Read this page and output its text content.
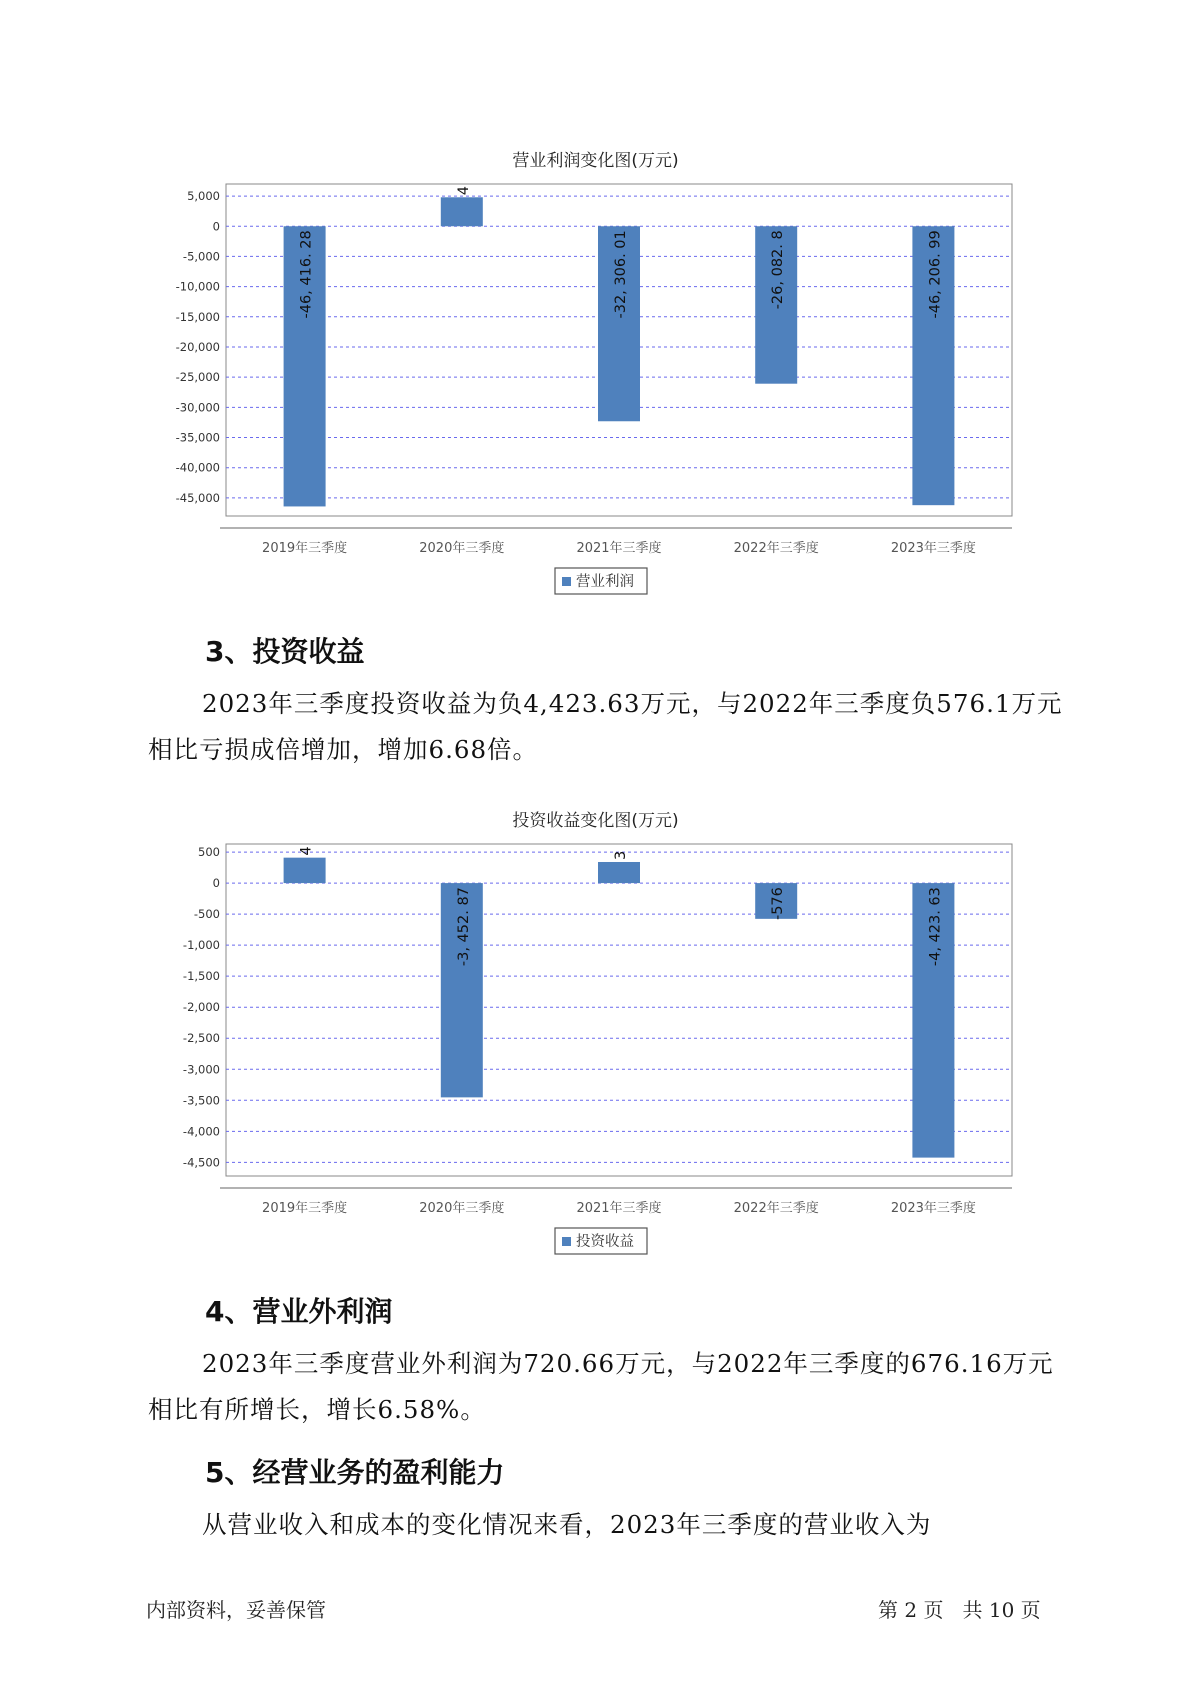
营业利润变化图(万元)
5,000
0
-5,000
-10,000
-15,000
-20,000
-25,000
-30,000
-35,000
-40,000
-45,000
-46, 416. 28
2019年三季度
4
2020年三季度
-32, 306. 01
2021年三季度
-26, 082. 8
2022年三季度
-46, 206. 99
2023年三季度
营业利润
3、投资收益

2023年三季度投资收益为负4,423.63万元，与2022年三季度负576.1万元相比亏损成倍增加，增加6.68倍。

投资收益变化图(万元)
500
0
-500
-1,000
-1,500
-2,000
-2,500
-3,000
-3,500
-4,000
-4,500
4
2019年三季度
-3, 452. 87
2020年三季度
3
2021年三季度
-576
2022年三季度
-4, 423. 63
2023年三季度
投资收益
4、营业外利润

2023年三季度营业外利润为720.66万元，与2022年三季度的676.16万元相比有所增长，增长6.58%。

5、经营业务的盈利能力

从营业收入和成本的变化情况来看，2023年三季度的营业收入为

内部资料，妥善保管	第 2 页   共 10 页
